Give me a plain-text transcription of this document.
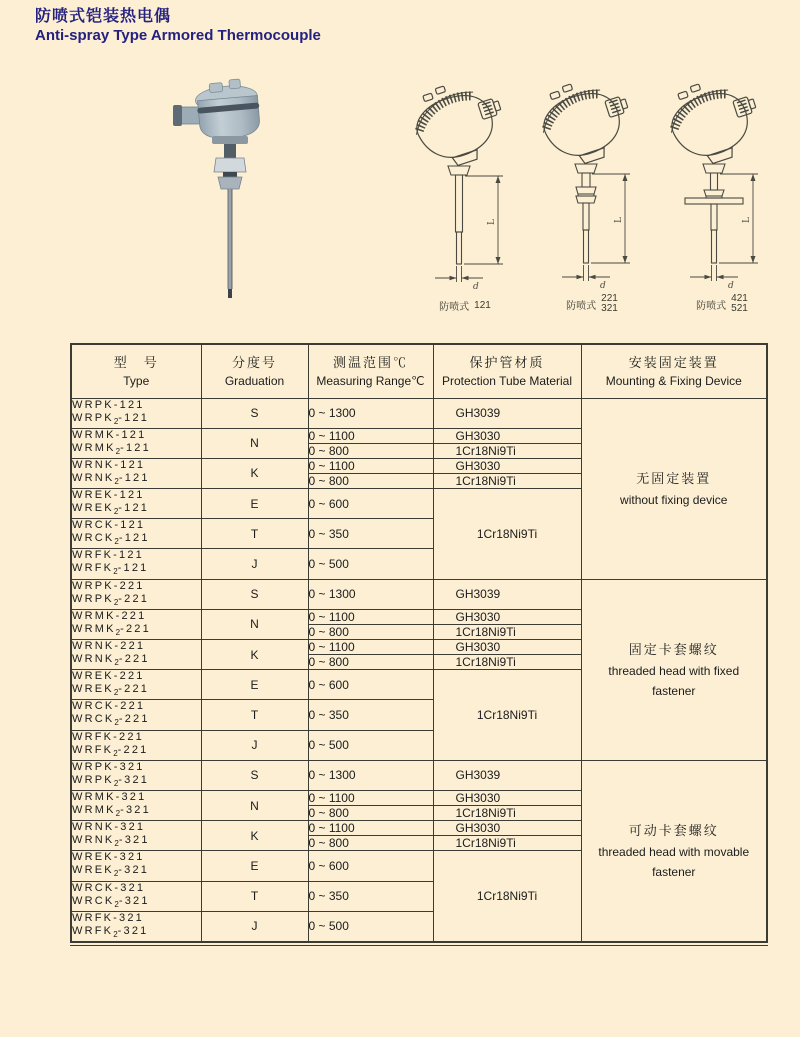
防喷式铠装热电偶
Anti-spray Type Armored Thermocouple
L
d
防喷式 121
L
d
防喷式
221
321
L
d
防喷式
421
521
型　号
Type	分度号
Graduation	测温范围℃
Measuring Range℃	保护管材质
Protection Tube Material	安装固定装置
Mounting & Fixing Device

WRPK-121
$WRPK_2-121$	S	0 ~ 1300	GH3039	无固定装置
without fixing device

WRMK-121
$WRMK_2-121$	N	0 ~ 1100	GH3030	
		0 ~ 800	1Cr18Ni9Ti	
WRNK-121
$WRNK_2-121$	K	0 ~ 1100	GH3030	
		0 ~ 800	1Cr18Ni9Ti	
WREK-121
$WREK_2-121$	E	0 ~ 600	1Cr18Ni9Ti	
WRCK-121
$WRCK_2-121$	T	0 ~ 350		
WRFK-121
$WRFK_2-121$	J	0 ~ 500		
WRPK-221
$WRPK_2-221$	S	0 ~ 1300	GH3039	固定卡套螺纹
threaded head with fixed fastener

WRMK-221
$WRMK_2-221$	N	0 ~ 1100	GH3030	
		0 ~ 800	1Cr18Ni9Ti	
WRNK-221
$WRNK_2-221$	K	0 ~ 1100	GH3030	
		0 ~ 800	1Cr18Ni9Ti	
WREK-221
$WREK_2-221$	E	0 ~ 600	1Cr18Ni9Ti	
WRCK-221
$WRCK_2-221$	T	0 ~ 350		
WRFK-221
$WRFK_2-221$	J	0 ~ 500		
WRPK-321
$WRPK_2-321$	S	0 ~ 1300	GH3039	可动卡套螺纹
threaded head with movable fastener

WRMK-321
$WRMK_2-321$	N	0 ~ 1100	GH3030	
		0 ~ 800	1Cr18Ni9Ti	
WRNK-321
$WRNK_2-321$	K	0 ~ 1100	GH3030	
		0 ~ 800	1Cr18Ni9Ti	
WREK-321
$WREK_2-321$	E	0 ~ 600	1Cr18Ni9Ti	
WRCK-321
$WRCK_2-321$	T	0 ~ 350		
WRFK-321
$WRFK_2-321$	J	0 ~ 500		
